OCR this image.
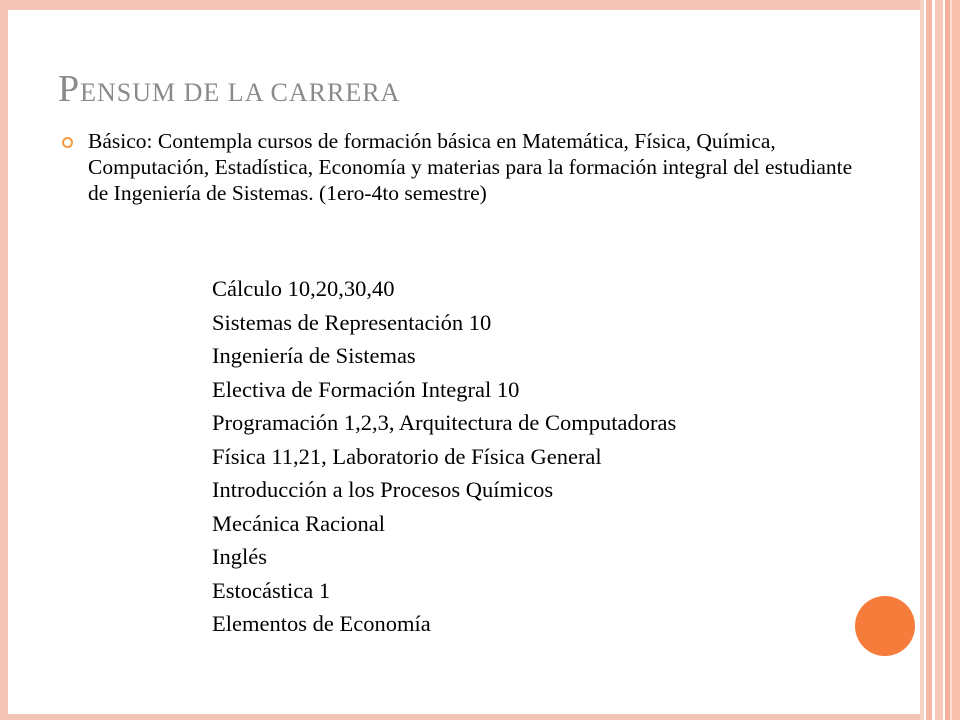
PENSUM DE LA CARRERA
Básico: Contempla cursos de formación básica en Matemática, Física, Química, Computación, Estadística, Economía y materias para la formación integral del estudiante de Ingeniería de Sistemas. (1ero-4to semestre)
Cálculo 10,20,30,40
Sistemas de Representación 10
Ingeniería de Sistemas
Electiva de Formación Integral 10
Programación 1,2,3, Arquitectura de Computadoras
Física 11,21, Laboratorio de Física General
Introducción a los Procesos Químicos
Mecánica Racional
Inglés
Estocástica 1
Elementos de Economía
